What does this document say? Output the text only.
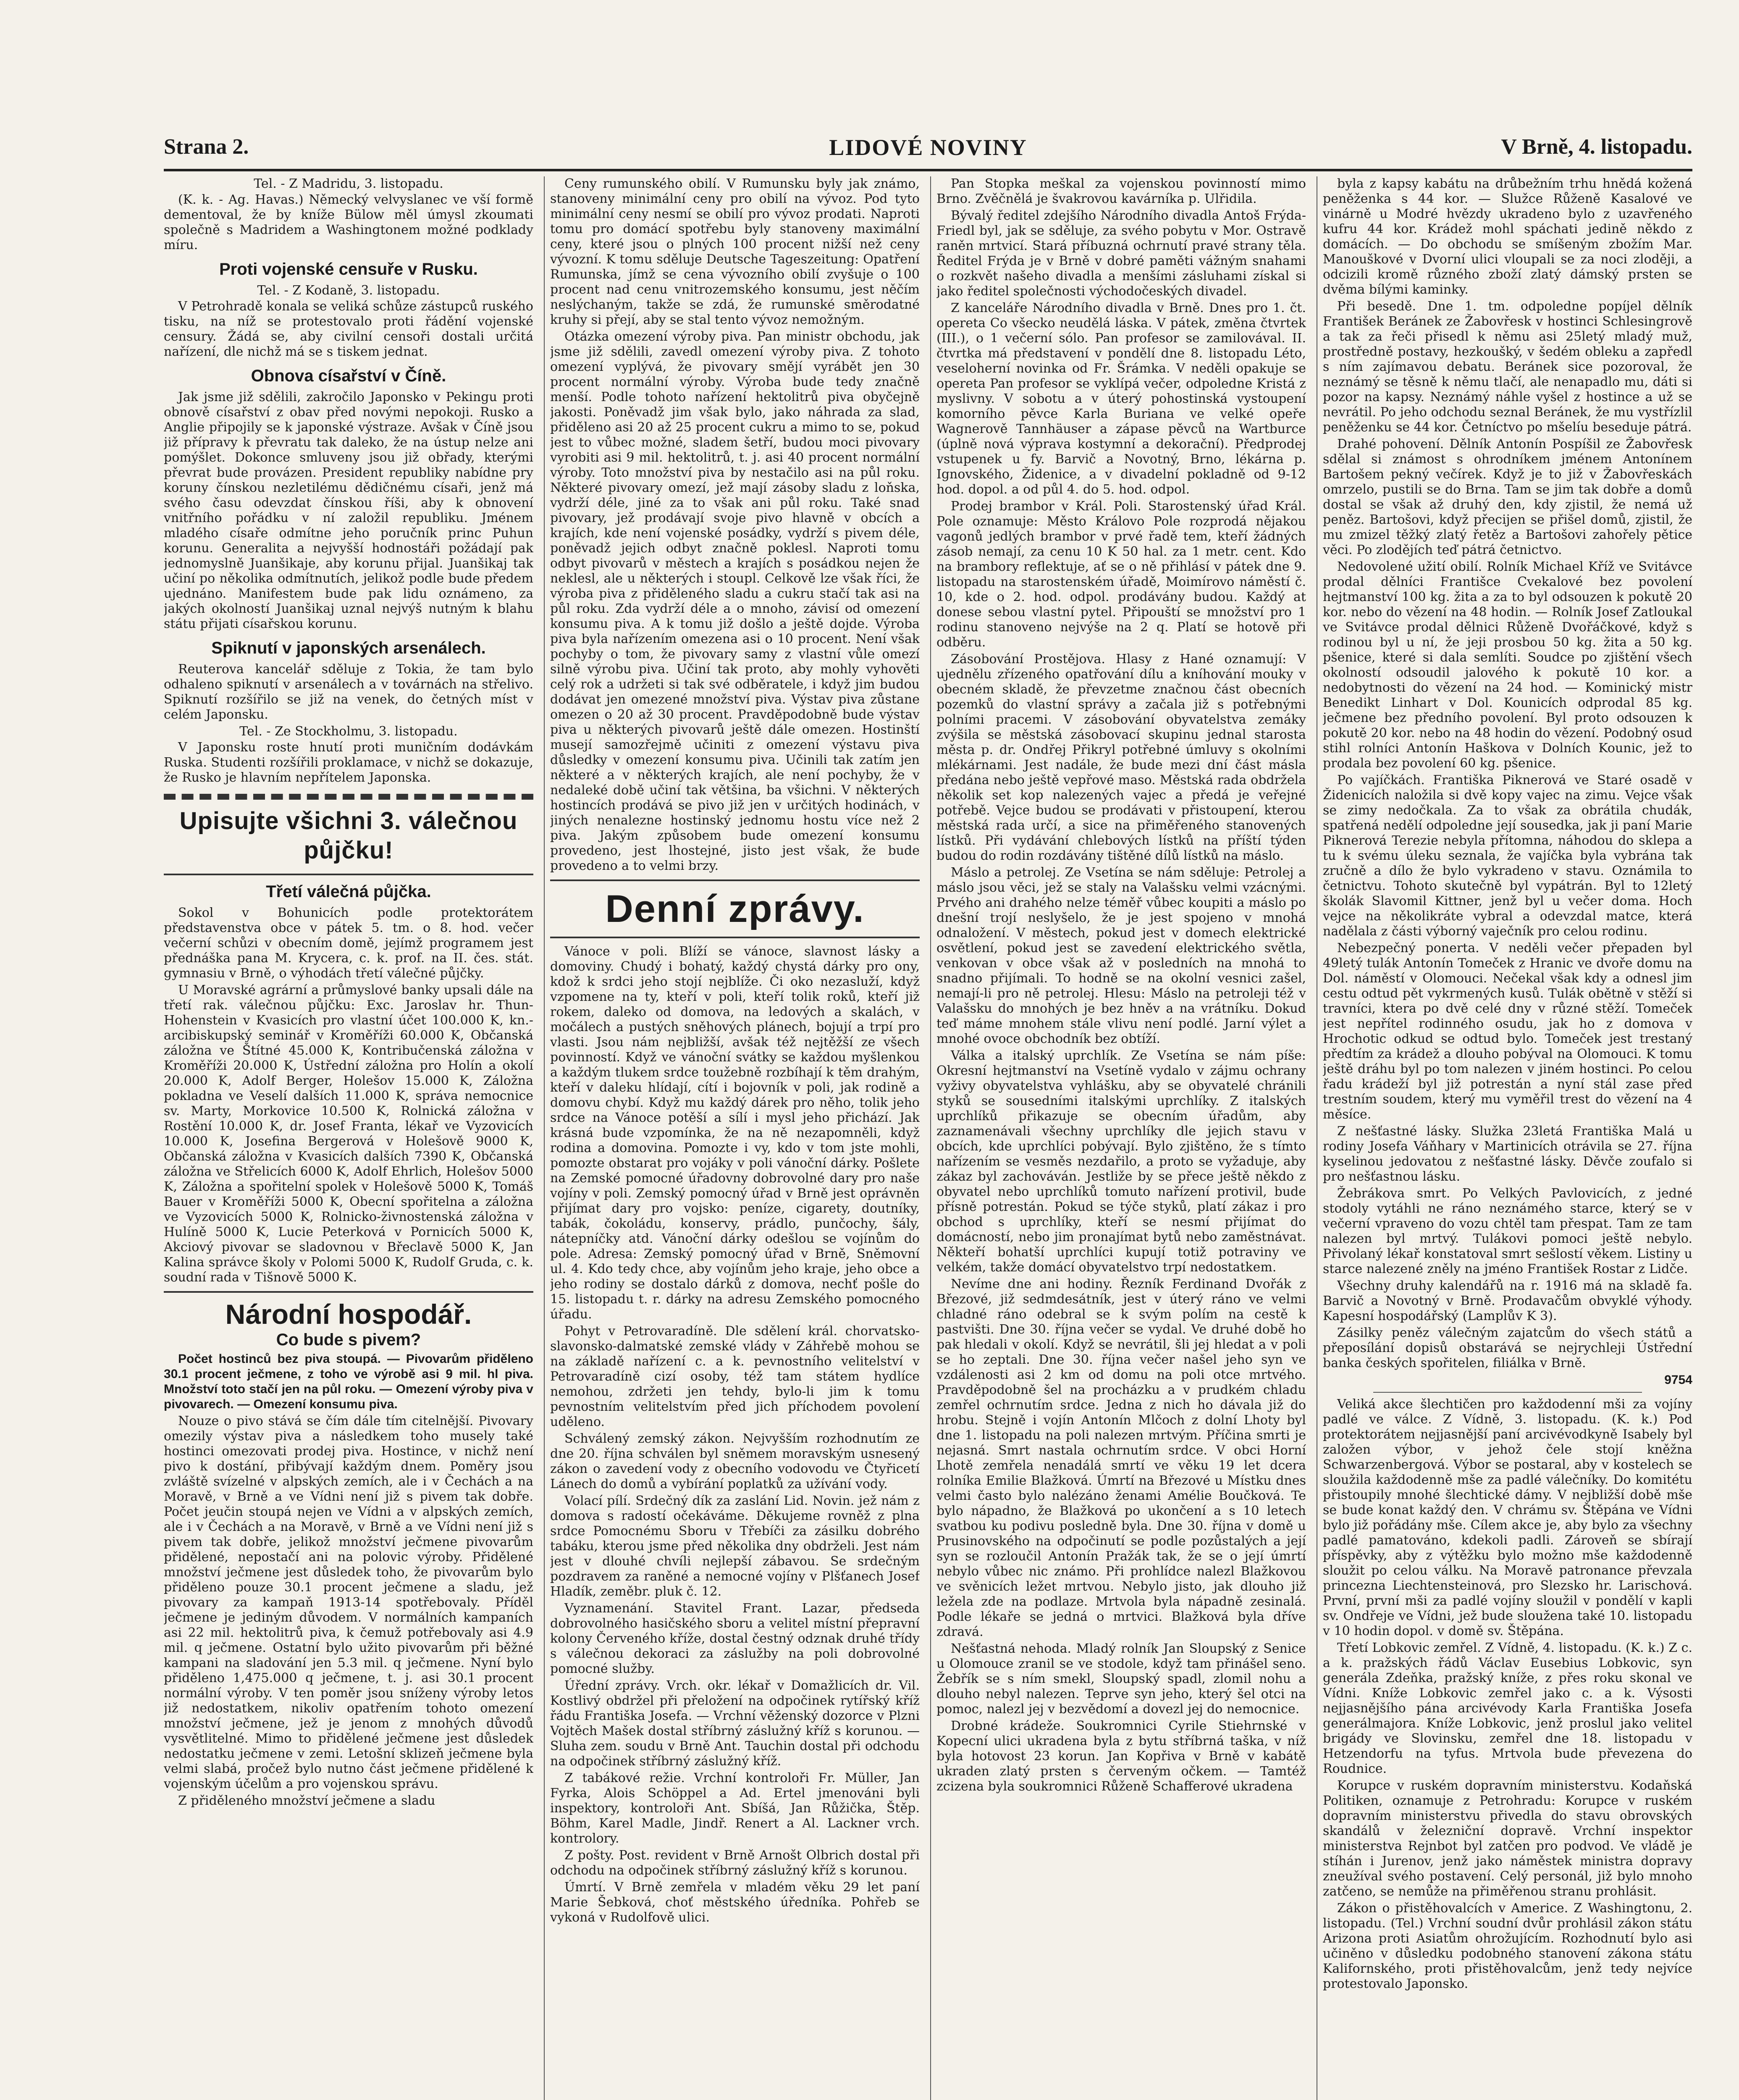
Strana 2.	LIDOVÉ NOVINY	V Brně, 4. listopadu.

Tel. - Z Madridu, 3. listopadu.

(K. k. - Ag. Havas.) Německý velvyslanec ve vší formě dementoval, že by kníže Bülow měl úmysl zkoumati společně s Madridem a Washingtonem možné podklady míru.

Proti vojenské censuře v Rusku.

Tel. - Z Kodaně, 3. listopadu.

V Petrohradě konala se veliká schůze zástupců ruského tisku, na níž se protestovalo proti řádění vojenské censury. Žádá se, aby civilní censoři dostali určitá nařízení, dle nichž má se s tiskem jednat.

Obnova císařství v Číně.

Jak jsme již sdělili, zakročilo Japonsko v Pekingu proti obnově císařství z obav před novými nepokoji. Rusko a Anglie připojily se k japonské výstraze. Avšak v Číně jsou již přípravy k převratu tak daleko, že na ústup nelze ani pomýšlet. Dokonce smluveny jsou již obřady, kterými převrat bude provázen. President republiky nabídne pry koruny čínskou nezletilému dědičnému císaři, jenž má svého času odevzdat čínskou říši, aby k obnovení vnitřního pořádku v ní založil republiku. Jménem mladého císaře odmítne jeho poručník princ Puhun korunu. Generalita a nejvyšší hodnostáři požádají pak jednomyslně Juanšikaje, aby korunu přijal. Juanšikaj tak učiní po několika odmítnutích, jelikož podle bude předem ujednáno. Manifestem bude pak lidu oznámeno, za jakých okolností Juanšikaj uznal nejvýš nutným k blahu státu přijati císařskou korunu.

Spiknutí v japonských arsenálech.

Reuterova kancelář sděluje z Tokia, že tam bylo odhaleno spiknutí v arsenálech a v továrnách na střelivo. Spiknutí rozšířilo se již na venek, do četných míst v celém Japonsku.

Tel. - Ze Stockholmu, 3. listopadu.

V Japonsku roste hnutí proti muničním dodávkám Ruska. Studenti rozšířili proklamace, v nichž se dokazuje, že Rusko je hlavním nepřítelem Japonska.

Upisujte všichni 3. válečnou půjčku!
Třetí válečná půjčka.

Sokol v Bohunicích podle protektorátem představenstva obce v pátek 5. tm. o 8. hod. večer večerní schůzi v obecním domě, jejímž programem jest přednáška pana M. Krycera, c. k. prof. na II. čes. stát. gymnasiu v Brně, o výhodách třetí válečné půjčky.

U Moravské agrární a průmyslové banky upsali dále na třetí rak. válečnou půjčku: Exc. Jaroslav hr. Thun-Hohenstein v Kvasicích pro vlastní účet 100.000 K, kn.-arcibiskupský seminář v Kroměříži 60.000 K, Občanská záložna ve Štítné 45.000 K, Kontribučenská záložna v Kroměříži 20.000 K, Ústřední záložna pro Holín a okolí 20.000 K, Adolf Berger, Holešov 15.000 K, Záložna pokladna ve Veselí dalších 11.000 K, správa nemocnice sv. Marty, Morkovice 10.500 K, Rolnická záložna v Rostění 10.000 K, dr. Josef Franta, lékař ve Vyzovicích 10.000 K, Josefina Bergerová v Holešově 9000 K, Občanská záložna v Kvasicích dalších 7390 K, Občanská záložna ve Střelicích 6000 K, Adolf Ehrlich, Holešov 5000 K, Záložna a spořitelní spolek v Holešově 5000 K, Tomáš Bauer v Kroměříži 5000 K, Obecní spořitelna a záložna ve Vyzovicích 5000 K, Rolnicko-živnostenská záložna v Hulíně 5000 K, Lucie Peterková v Pornicích 5000 K, Akciový pivovar se sladovnou v Břeclavě 5000 K, Jan Kalina správce školy v Polomi 5000 K, Rudolf Gruda, c. k. soudní rada v Tišnově 5000 K.

Národní hospodář.
Co bude s pivem?

Počet hostinců bez piva stoupá. — Pivovarům přiděleno 30.1 procent ječmene, z toho ve výrobě asi 9 mil. hl piva. Množství toto stačí jen na půl roku. — Omezení výroby piva v pivovarech. — Omezení konsumu piva.

Nouze o pivo stává se čím dále tím citelnější. Pivovary omezily výstav piva a následkem toho musely také hostinci omezovati prodej piva. Hostince, v nichž není pivo k dostání, přibývají každým dnem. Poměry jsou zvláště svízelné v alpských zemích, ale i v Čechách a na Moravě, v Brně a ve Vídni není již s pivem tak dobře. Počet jeučin stoupá nejen ve Vídni a v alpských zemích, ale i v Čechách a na Moravě, v Brně a ve Vídni není již s pivem tak dobře, jelikož množství ječmene pivovarům přidělené, nepostačí ani na polovic výroby. Přidělené množství ječmene jest důsledek toho, že pivovarům bylo přiděleno pouze 30.1 procent ječmene a sladu, jež pivovary za kampaň 1913-14 spotřebovaly. Příděl ječmene je jediným důvodem. V normálních kampaních asi 22 mil. hektolitrů piva, k čemuž potřebovaly asi 4.9 mil. q ječmene. Ostatní bylo užito pivovarům při běžné kampani na sladování jen 5.3 mil. q ječmene. Nyní bylo přiděleno 1,475.000 q ječmene, t. j. asi 30.1 procent normální výroby. V ten poměr jsou sníženy výroby letos již nedostatkem, nikoliv opatřením tohoto omezení množství ječmene, jež je jenom z mnohých důvodů vysvětlitelné. Mimo to přidělené ječmene jest důsledek nedostatku ječmene v zemi. Letošní sklizeň ječmene byla velmi slabá, pročež bylo nutno část ječmene přidělené k vojenským účelům a pro vojenskou správu.

Z přiděleného množství ječmene a sladu

Ceny rumunského obilí. V Rumunsku byly jak známo, stanoveny minimální ceny pro obilí na vývoz. Pod tyto minimální ceny nesmí se obilí pro vývoz prodati. Naproti tomu pro domácí spotřebu byly stanoveny maximální ceny, které jsou o plných 100 procent nižší než ceny vývozní. K tomu sděluje Deutsche Tageszeitung: Opatření Rumunska, jímž se cena vývozního obilí zvyšuje o 100 procent nad cenu vnitrozemského konsumu, jest něčím neslýchaným, takže se zdá, že rumunské směrodatné kruhy si přejí, aby se stal tento vývoz nemožným.

Otázka omezení výroby piva. Pan ministr obchodu, jak jsme již sdělili, zavedl omezení výroby piva. Z tohoto omezení vyplývá, že pivovary smějí vyrábět jen 30 procent normální výroby. Výroba bude tedy značně menší. Podle tohoto nařízení hektolitrů piva obyčejně jakosti. Poněvadž jim však bylo, jako náhrada za slad, přiděleno asi 20 až 25 procent cukru a mimo to se, pokud jest to vůbec možné, sladem šetří, budou moci pivovary vyrobiti asi 9 mil. hektolitrů, t. j. asi 40 procent normální výroby. Toto množství piva by nestačilo asi na půl roku. Některé pivovary omezí, jež mají zásoby sladu z loňska, vydrží déle, jiné za to však ani půl roku. Také snad pivovary, jež prodávají svoje pivo hlavně v obcích a krajích, kde není vojenské posádky, vydrží s pivem déle, poněvadž jejich odbyt značně poklesl. Naproti tomu odbyt pivovarů v městech a krajích s posádkou nejen že neklesl, ale u některých i stoupl. Celkově lze však říci, že výroba piva z přiděleného sladu a cukru stačí tak asi na půl roku. Zda vydrží déle a o mnoho, závisí od omezení konsumu piva. A k tomu již došlo a ještě dojde. Výroba piva byla nařízením omezena asi o 10 procent. Není však pochyby o tom, že pivovary samy z vlastní vůle omezí silně výrobu piva. Učiní tak proto, aby mohly vyhověti celý rok a udržeti si tak své odběratele, i když jim budou dodávat jen omezené množství piva. Výstav piva zůstane omezen o 20 až 30 procent. Pravděpodobně bude výstav piva u některých pivovarů ještě dále omezen. Hostinští musejí samozřejmě učiniti z omezení výstavu piva důsledky v omezení konsumu piva. Učinili tak zatím jen některé a v některých krajích, ale není pochyby, že v nedaleké době učiní tak většina, ba všichni. V některých hostincích prodává se pivo již jen v určitých hodinách, v jiných nenalezne hostinský jednomu hostu více než 2 piva. Jakým způsobem bude omezení konsumu provedeno, jest lhostejné, jisto jest však, že bude provedeno a to velmi brzy.

Denní zprávy.

Vánoce v poli. Blíží se vánoce, slavnost lásky a domoviny. Chudý i bohatý, každý chystá dárky pro ony, kdož k srdci jeho stojí nejblíže. Či oko nezasluží, když vzpomene na ty, kteří v poli, kteří tolik roků, kteří již rokem, daleko od domova, na ledových a skalách, v močálech a pustých sněhových plánech, bojují a trpí pro vlasti. Jsou nám nejbližší, avšak též nejtěžší ze všech povinností. Když ve vánoční svátky se každou myšlenkou a každým tlukem srdce toužebně rozbíhají k těm drahým, kteří v daleku hlídají, cítí i bojovník v poli, jak rodině a domovu chybí. Když mu každý dárek pro něho, tolik jeho srdce na Vánoce potěší a sílí i mysl jeho přichází. Jak krásná bude vzpomínka, že na ně nezapomněli, když rodina a domovina. Pomozte i vy, kdo v tom jste mohli, pomozte obstarat pro vojáky v poli vánoční dárky. Pošlete na Zemské pomocné úřadovny dobrovolné dary pro naše vojíny v poli. Zemský pomocný úřad v Brně jest oprávněn přijímat dary pro vojsko: peníze, cigarety, doutníky, tabák, čokoládu, konservy, prádlo, punčochy, šály, nátepníčky atd. Vánoční dárky odešlou se vojínům do pole. Adresa: Zemský pomocný úřad v Brně, Sněmovní ul. 4. Kdo tedy chce, aby vojínům jeho kraje, jeho obce a jeho rodiny se dostalo dárků z domova, nechť pošle do 15. listopadu t. r. dárky na adresu Zemského pomocného úřadu.

Pohyt v Petrovaradíně. Dle sdělení král. chorvatsko-slavonsko-dalmatské zemské vlády v Záhřebě mohou se na základě nařízení c. a k. pevnostního velitelství v Petrovaradíně cizí osoby, též tam státem hydlíce nemohou, zdržeti jen tehdy, bylo-li jim k tomu pevnostním velitelstvím před jich příchodem povolení uděleno.

Schválený zemský zákon. Nejvyšším rozhodnutím ze dne 20. října schválen byl sněmem moravským usnesený zákon o zavedení vody z obecního vodovodu ve Čtyřicetí Lánech do domů a vybírání poplatků za užívání vody.

Volací pílí. Srdečný dík za zaslání Lid. Novin. jež nám z domova s radostí očekáváme. Děkujeme rovněž z plna srdce Pomocnému Sboru v Třebíči za zásilku dobrého tabáku, kterou jsme před několika dny obdrželi. Jest nám jest v dlouhé chvíli nejlepší zábavou. Se srdečným pozdravem za raněné a nemocné vojíny v Plšťanech Josef Hladík, zeměbr. pluk č. 12.

Vyznamenání. Stavitel Frant. Lazar, předseda dobrovolného hasičského sboru a velitel místní přepravní kolony Červeného kříže, dostal čestný odznak druhé třídy s válečnou dekoraci za záslužby na poli dobrovolné pomocné služby.

Úřední zprávy. Vrch. okr. lékař v Domažlicích dr. Vil. Kostlivý obdržel při přeložení na odpočinek rytířský kříž řádu Františka Josefa. — Vrchní věženský dozorce v Plzni Vojtěch Mašek dostal stříbrný záslužný kříž s korunou. — Sluha zem. soudu v Brně Ant. Tauchin dostal při odchodu na odpočinek stříbrný záslužný kříž.

Z tabákové režie. Vrchní kontroloři Fr. Müller, Jan Fyrka, Alois Schöppel a Ad. Ertel jmenováni byli inspektory, kontroloři Ant. Sbíšá, Jan Růžička, Štěp. Böhm, Karel Madle, Jindř. Renert a Al. Lackner vrch. kontrolory.

Z pošty. Post. revident v Brně Arnošt Olbrich dostal při odchodu na odpočinek stříbrný záslužný kříž s korunou.

Úmrtí. V Brně zemřela v mladém věku 29 let paní Marie Šebková, choť městského úředníka. Pohřeb se vykoná v Rudolfově ulici.

Pan Stopka meškal za vojenskou povinností mimo Brno. Zvěčnělá je švakrovou kavárníka p. Ulřidila.

Bývalý ředitel zdejšího Národního divadla Antoš Frýda-Friedl byl, jak se sděluje, za svého pobytu v Mor. Ostravě raněn mrtvicí. Stará příbuzná ochrnutí pravé strany těla. Ředitel Frýda je v Brně v dobré paměti vážným snahami o rozkvět našeho divadla a menšími zásluhami získal si jako ředitel společnosti východočeských divadel.

Z kanceláře Národního divadla v Brně. Dnes pro 1. čt. opereta Co všecko neudělá láska. V pátek, změna čtvrtek (III.), o 1 večerní sólo. Pan profesor se zamilovával. II. čtvrtka má představení v pondělí dne 8. listopadu Léto, veseloherní novinka od Fr. Šrámka. V neděli opakuje se opereta Pan profesor se vyklípá večer, odpoledne Kristá z myslivny. V sobotu a v úterý pohostinská vystoupení komorního pěvce Karla Buriana ve velké opeře Wagnerově Tannhäuser a zápase pěvců na Wartburce (úplně nová výprava kostymní a dekorační). Předprodej vstupenek u fy. Barvič a Novotný, Brno, lékárna p. Ignovského, Židenice, a v divadelní pokladně od 9-12 hod. dopol. a od půl 4. do 5. hod. odpol.

Prodej brambor v Král. Poli. Starostenský úřad Král. Pole oznamuje: Město Královo Pole rozprodá nějakou vagonů jedlých brambor v prvé řadě tem, kteří žádných zásob nemají, za cenu 10 K 50 hal. za 1 metr. cent. Kdo na brambory reflektuje, ať se o ně přihlásí v pátek dne 9. listopadu na starostenském úřadě, Moimírovo náměstí č. 10, kde o 2. hod. odpol. prodávány budou. Každý at donese sebou vlastní pytel. Připouští se množství pro 1 rodinu stanoveno nejvýše na 2 q. Platí se hotově při odběru.

Zásobování Prostějova. Hlasy z Hané oznamují: V ujednělu zřízeného opatřování dílu a kníhování mouky v obecném skladě, že převzetme značnou část obecních pozemků do vlastní správy a začala již s potřebnými polními pracemi. V zásobování obyvatelstva zemáky zvýšila se městská zásobovací skupinu jednal starosta města p. dr. Ondřej Přikryl potřebné úmluvy s okolními mlékárnami. Jest nadále, že bude mezi dní část másla předána nebo ještě vepřové maso. Městská rada obdržela několik set kop nalezených vajec a předá je veřejné potřebě. Vejce budou se prodávati v přistoupení, kterou městská rada určí, a sice na přiměřeného stanovených lístků. Při vydávání chlebových lístků na příští týden budou do rodin rozdávány tištěné dílů lístků na máslo.

Máslo a petrolej. Ze Vsetína se nám sděluje: Petrolej a máslo jsou věci, jež se staly na Valašsku velmi vzácnými. Prvého ani drahého nelze téměř vůbec koupiti a máslo po dnešní trojí neslyšelo, že je jest spojeno v mnohá odnaložení. V městech, pokud jest v domech elektrické osvětlení, pokud jest se zavedení elektrického světla, venkovan v obce však až v posledních na mnohá to snadno přijímali. To hodně se na okolní vesnici zašel, nemají-li pro ně petrolej. Hlesu: Máslo na petroleji též v Valašsku do mnohých je bez hněv a na vrátníku. Dokud teď máme mnohem stále vlivu není podlé. Jarní výlet a mnohé ovoce obchodník bez obtíží.

Válka a italský uprchlík. Ze Vsetína se nám píše: Okresní hejtmanství na Vsetíně vydalo v zájmu ochrany vyživy obyvatelstva vyhlášku, aby se obyvatelé chránili styků se sousedními italskými uprchlíky. Z italských uprchlíků přikazuje se obecním úřadům, aby zaznamenávali všechny uprchlíky dle jejich stavu v obcích, kde uprchlíci pobývají. Bylo zjištěno, že s tímto nařízením se vesměs nezdařilo, a proto se vyžaduje, aby zákaz byl zachováván. Jestliže by se přece ještě někdo z obyvatel nebo uprchlíků tomuto nařízení protivil, bude přísně potrestán. Pokud se týče styků, platí zákaz i pro obchod s uprchlíky, kteří se nesmí přijímat do domácností, nebo jim pronajímat bytů nebo zaměstnávat. Někteří bohatší uprchlíci kupují totiž potraviny ve velkém, takže domácí obyvatelstvo trpí nedostatkem.

Nevíme dne ani hodiny. Řezník Ferdinand Dvořák z Březové, již sedmdesátník, jest v úterý ráno ve velmi chladné ráno odebral se k svým polím na cestě k pastvišti. Dne 30. října večer se vydal. Ve druhé době ho pak hledali v okolí. Když se nevrátil, šli jej hledat a v poli se ho zeptali. Dne 30. října večer našel jeho syn ve vzdálenosti asi 2 km od domu na poli otce mrtvého. Pravděpodobně šel na procházku a v prudkém chladu zemřel ochrnutím srdce. Jedna z nich ho dávala již do hrobu. Stejně i vojín Antonín Mlčoch z dolní Lhoty byl dne 1. listopadu na poli nalezen mrtvým. Příčina smrti je nejasná. Smrt nastala ochrnutím srdce. V obci Horní Lhotě zemřela nenadálá smrtí ve věku 19 let dcera rolníka Emilie Blažková. Úmrtí na Březové u Místku dnes velmi často bylo nalézáno ženami Amélie Boučková. Te bylo nápadno, že Blažková po ukončení a s 10 letech svatbou ku podivu posledně byla. Dne 30. října v domě u Prusinovského na odpočinutí se podle pozůstalých a její syn se rozloučil Antonín Pražák tak, že se o její úmrtí nebylo vůbec nic známo. Při prohlídce nalezl Blažkovou ve svěnicích ležet mrtvou. Nebylo jisto, jak dlouho již ležela zde na podlaze. Mrtvola byla nápadně zesinalá. Podle lékaře se jedná o mrtvici. Blažková byla dříve zdravá.

Nešťastná nehoda. Mladý rolník Jan Sloupský z Senice u Olomouce zranil se ve stodole, když tam přinášel seno. Žebřík se s ním smekl, Sloupský spadl, zlomil nohu a dlouho nebyl nalezen. Teprve syn jeho, který šel otci na pomoc, nalezl jej v bezvědomí a dovezl jej do nemocnice.

Drobné krádeže. Soukromnici Cyrile Stiehrnské v Kopecní ulici ukradena byla z bytu stříbrná taška, v níž byla hotovost 23 korun. Jan Kopřiva v Brně v kabátě ukraden zlatý prsten s červeným očkem. — Tamtéž zcizena byla soukromnici Růženě Schafferové ukradena

byla z kapsy kabátu na drůbežním trhu hnědá kožená peněženka s 44 kor. — Služce Růženě Kasalové ve vinárně u Modré hvězdy ukradeno bylo z uzavřeného kufru 44 kor. Krádež mohl spáchati jedině někdo z domácích. — Do obchodu se smíšeným zbožím Mar. Manouškové v Dvorní ulici vloupali se za noci zloději, a odcizili kromě různého zboží zlatý dámský prsten se dvěma bílými kaminky.

Při besedě. Dne 1. tm. odpoledne popíjel dělník František Beránek ze Žabovřesk v hostinci Schlesingrově a tak za řeči přisedl k němu asi 25letý mladý muž, prostředně postavy, hezkoušký, v šedém obleku a zapředl s ním zajímavou debatu. Beránek sice pozoroval, že neznámý se těsně k němu tlačí, ale nenapadlo mu, dáti si pozor na kapsy. Neznámý náhle vyšel z hostince a už se nevrátil. Po jeho odchodu seznal Beránek, že mu vystřízlil peněženku se 44 kor. Četníctvo po mšelíu beseduje pátrá.

Drahé pohovení. Dělník Antonín Pospíšil ze Žabovřesk sdělal si známost s ohrodníkem jménem Antonínem Bartošem pekný večírek. Když je to již v Žabovřeskách omrzelo, pustili se do Brna. Tam se jim tak dobře a domů dostal se však až druhý den, kdy zjistil, že nemá už peněz. Bartošovi, když přecijen se přišel domů, zjistil, že mu zmizel těžký zlatý řetěz a Bartošovi zahořely pětice věci. Po zlodějích teď pátrá četnictvo.

Nedovolené užití obilí. Rolník Michael Kříž ve Svitávce prodal dělníci Františce Cvekalové bez povolení hejtmanství 100 kg. žita a za to byl odsouzen k pokutě 20 kor. nebo do vězení na 48 hodin. — Rolník Josef Zatloukal ve Svitávce prodal dělnici Růženě Dvořáčkové, když s rodinou byl u ní, že jeji prosbou 50 kg. žita a 50 kg. pšenice, které si dala semlíti. Soudce po zjištění všech okolností odsoudil jalového k pokutě 10 kor. a nedobytnosti do vězení na 24 hod. — Kominický mistr Benedikt Linhart v Dol. Kounicích odprodal 85 kg. ječmene bez předního povolení. Byl proto odsouzen k pokutě 20 kor. nebo na 48 hodin do vězení. Podobný osud stihl rolníci Antonín Haškova v Dolních Kounic, jež to prodala bez povolení 60 kg. pšenice.

Po vajíčkách. Františka Piknerová ve Staré osadě v Židenicích naložila si dvě kopy vajec na zimu. Vejce však se zimy nedočkala. Za to však za obrátila chudák, spatřená nedělí odpoledne její sousedka, jak ji paní Marie Piknerová Terezie nebyla přítomna, náhodou do sklepa a tu k svému úleku seznala, že vajíčka byla vybrána tak zručně a dílo že bylo vykradeno v stavu. Oznámila to četnictvu. Tohoto skutečně byl vypátrán. Byl to 12letý školák Slavomil Kittner, jenž byl u večer doma. Hoch vejce na několikráte vybral a odevzdal matce, která nadělala z části výborný vaječník pro celou rodinu.

Nebezpečný ponerta. V neděli večer přepaden byl 49letý tulák Antonín Tomeček z Hraniс ve dvoře domu na Dol. náměstí v Olomouci. Nečekal však kdy a odnesl jim cestu odtud pět vykrmených kusů. Tulák obětně v stěží si travníci, ktera po dvě celé dny v různé stěží. Tomeček jest nepřítel rodinného osudu, jak ho z domova v Hrochotic odkud se odtud bylo. Tomeček jest trestaný předtím za krádež a dlouho pobýval na Olomouci. K tomu ještě dráhu byl po tom nalezen v jiném hostinci. Po celou řadu krádeží byl již potrestán a nyní stál zase před trestním soudem, který mu vyměřil trest do vězení na 4 měsíce.

Z nešťastné lásky. Služka 23letá Františka Malá u rodiny Josefa Váňhary v Martinicích otrávila se 27. října kyselinou jedovatou z nešťastné lásky. Děvče zoufalo si pro nešťastnou lásku.

Žebrákova smrt. Po Velkých Pavlovicích, z jedné stodoly vytáhli ne ráno neznámého starce, který se v večerní vpraveno do vozu chtěl tam přespat. Tam ze tam nalezen byl mrtvý. Tulákovi pomoci ještě nebylo. Přivolaný lékař konstatoval smrt sešlostí věkem. Listiny u starce nalezené zněly na jméno František Rostar z Lidče.

Všechny druhy kalendářů na r. 1916 má na skladě fa. Barvič a Novotný v Brně. Prodavačům obvyklé výhody. Kapesní hospodářský (Lamplův K 3).

Zásilky peněz válečným zajatcům do všech států a přeposílání dopisů obstarává se nejrychleji Ústřední banka českých spořitelen, filiálka v Brně.

9754

Veliká akce šlechtičen pro každodenní mši za vojíny padlé ve válce. Z Vídně, 3. listopadu. (K. k.) Pod protektorátem nejjasnější paní arcivévodkyně Isabely byl založen výbor, v jehož čele stojí kněžna Schwarzenbergová. Výbor se postaral, aby v kostelech se sloužila každodenně mše za padlé válečníky. Do komitétu přistoupily mnohé šlechtické dámy. V nejbližší době mše se bude konat každý den. V chrámu sv. Štěpána ve Vídni bylo již pořádány mše. Cílem akce je, aby bylo za všechny padlé pamatováno, kdekoli padli. Zároveň se sbírají příspěvky, aby z výtěžku bylo možno mše každodenně sloužit po celou válku. Na Moravě patronance převzala princezna Liechtensteinová, pro Slezsko hr. Larischová. První, první mši za padlé vojíny sloužil v pondělí v kapli sv. Ondřeje ve Vídni, jež bude sloužena také 10. listopadu v 10 hodin dopol. v domě sv. Štěpána.

Třetí Lobkovic zemřel. Z Vídně, 4. listopadu. (K. k.) Z c. a k. pražských řádů Václav Eusebius Lobkovic, syn generála Zdeňka, pražský kníže, z přes roku skonal ve Vídni. Kníže Lobkovic zemřel jako c. a k. Výsosti nejjasnějšího pána arcivévody Karla Františka Josefa generálmajora. Kníže Lobkovic, jenž proslul jako velitel brigády ve Slovinsku, zemřel dne 18. listopadu v Hetzendorfu na tyfus. Mrtvola bude převezena do Roudnice.

Korupce v ruském dopravním ministerstvu. Kodaňská Politiken, oznamuje z Petrohradu: Korupce v ruském dopravním ministerstvu přivedla do stavu obrovských skandálů v železniční dopravě. Vrchní inspektor ministerstva Rejnbot byl zatčen pro podvod. Ve vládě je stíhán i Jurenov, jenž jako náměstek ministra dopravy zneužíval svého postavení. Celý personál, již bylo mnoho zatčeno, se nemůže na přiměřenou stranu prohlásit.

Zákon o přistěhovalcích v Americe. Z Washingtonu, 2. listopadu. (Tel.) Vrchní soudní dvůr prohlásil zákon státu Arizona proti Asiatům ohrožujícím. Rozhodnutí bylo asi učiněno v důsledku podobného stanovení zákona státu Kalifornského, proti přistěhovalcům, jenž tedy nejvíce protestovalo Japonsko.
